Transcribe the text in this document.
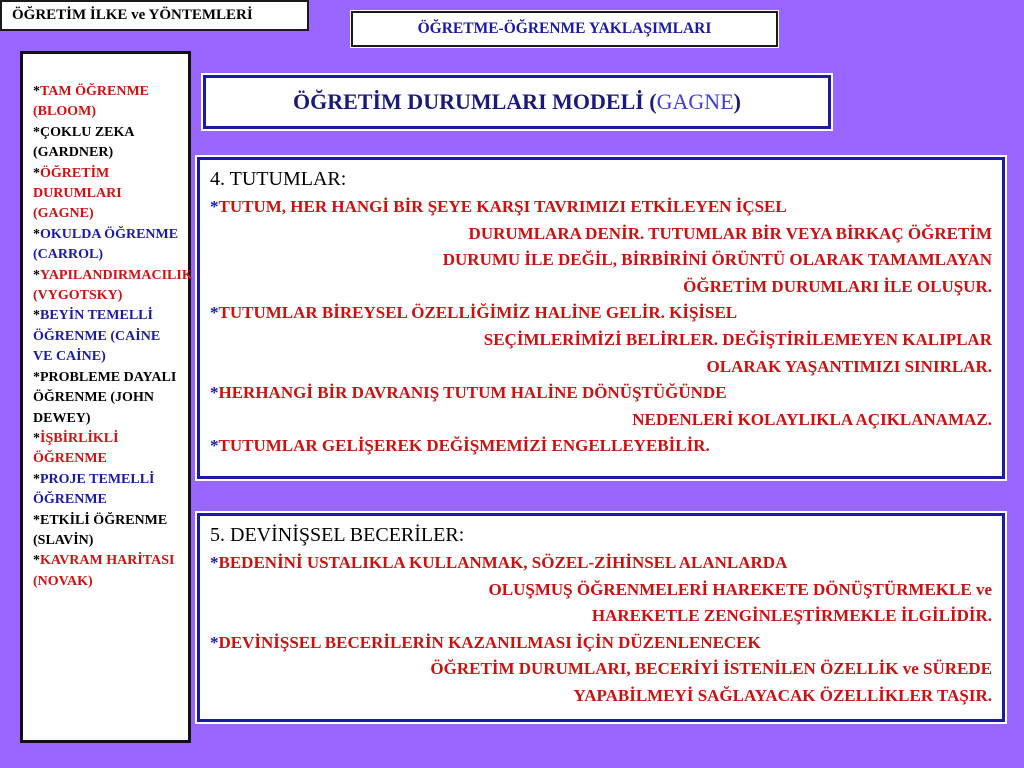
ÖĞRETİM İLKE ve YÖNTEMLERİ
ÖĞRETME-ÖĞRENME YAKLAŞIMLARI
*TAM ÖĞRENME (BLOOM)
*ÇOKLU ZEKA (GARDNER)
*ÖĞRETİM DURUMLARI (GAGNE)
*OKULDA ÖĞRENME (CARROL)
*YAPILANDIRMACILIK (VYGOTSKY)
*BEYİN TEMELLİ ÖĞRENME (CAİNE VE CAİNE)
*PROBLEME DAYALI ÖĞRENME (JOHN DEWEY)
*İŞBİRLİKLİ ÖĞRENME
*PROJE TEMELLİ ÖĞRENME
*ETKİLİ ÖĞRENME (SLAVİN)
*KAVRAM HARİTASI (NOVAK)
ÖĞRETİM DURUMLARI MODELİ (GAGNE)
4. TUTUMLAR:
*TUTUM, HER HANGİ BİR ŞEYE KARŞI TAVRIMIZI ETKİLEYEN İÇSEL
DURUMLARA DENİR. TUTUMLAR BİR VEYA BİRKAÇ ÖĞRETİM
DURUMU İLE DEĞİL, BİRBİRİNİ ÖRÜNTÜ OLARAK TAMAMLAYAN
ÖĞRETİM DURUMLARI İLE OLUŞUR.
*TUTUMLAR BİREYSEL ÖZELLİĞİMİZ HALİNE GELİR. KİŞİSEL
SEÇİMLERİMİZİ BELİRLER. DEĞİŞTİRİLEMEYEN KALIPLAR
OLARAK YAŞANTIMIZI SINIRLAR.
*HERHANGİ BİR DAVRANIŞ TUTUM HALİNE DÖNÜŞTÜĞÜNDE
NEDENLERİ KOLAYLIKLA AÇIKLANAMAZ.
*TUTUMLAR GELİŞEREK DEĞİŞMEMİZİ ENGELLEYEBİLİR.
5. DEVİNİŞSEL BECERİLER:
*BEDENİNİ USTALIKLA KULLANMAK, SÖZEL-ZİHİNSEL ALANLARDA
OLUŞMUŞ ÖĞRENMELERİ HAREKETE DÖNÜŞTÜRMEKLE ve
HAREKETLE ZENGİNLEŞTİRMEKLE İLGİLİDİR.
*DEVİNİŞSEL BECERİLERİN KAZANILMASI İÇİN DÜZENLENECEK
ÖĞRETİM DURUMLARI, BECERİYİ İSTENİLEN ÖZELLİK ve SÜREDE
YAPABİLMEYİ SAĞLAYACAK ÖZELLİKLER TAŞIR.
